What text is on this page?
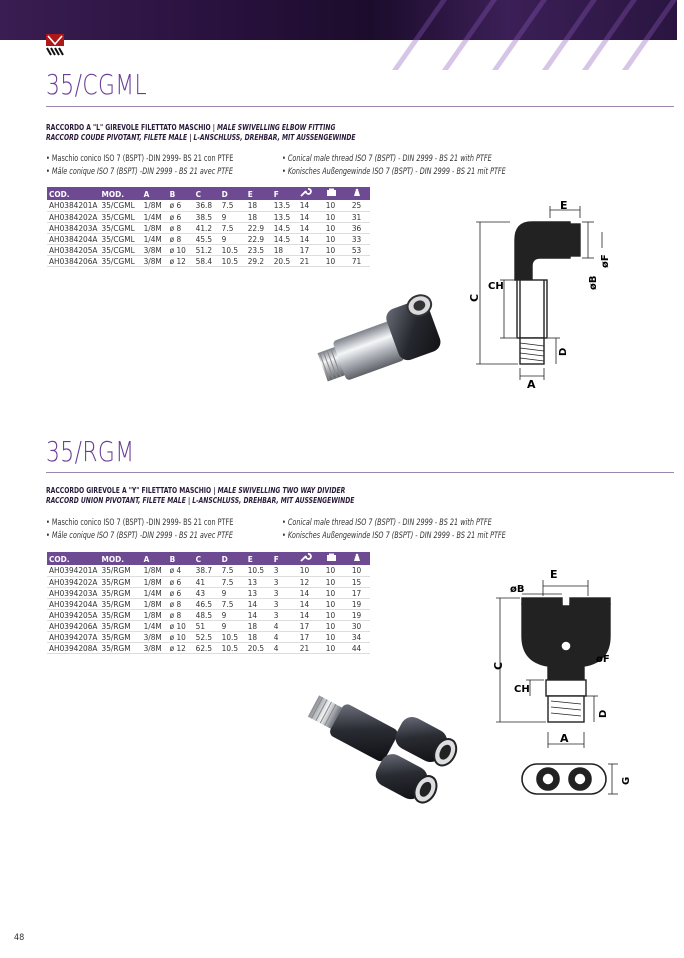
35/CGML
RACCORDO A "L" GIREVOLE FILETTATO MASCHIO | MALE SWIVELLING ELBOW FITTING
RACCORD COUDE PIVOTANT, FILETE MALE | L-ANSCHLUSS, DREHBAR, MIT AUSSENGEWINDE
• Maschio conico ISO 7 (BSPT) -DIN 2999- BS 21 con PTFE
• Mâle conique ISO 7 (BSPT) -DIN 2999 - BS 21 avec PTFE
• Conical male thread ISO 7 (BSPT) - DIN 2999 - BS 21 with PTFE
• Konisches Außengewinde ISO 7 (BSPT) - DIN 2999 - BS 21 mit PTFE
COD.	MOD.	A	B	C	D	E	F			
AH0384201A	35/CGML	1/8M	ø 6	36.8	7.5	18	13.5	14	10	25
AH0384202A	35/CGML	1/4M	ø 6	38.5	9	18	13.5	14	10	31
AH0384203A	35/CGML	1/8M	ø 8	41.2	7.5	22.9	14.5	14	10	36
AH0384204A	35/CGML	1/4M	ø 8	45.5	9	22.9	14.5	14	10	33
AH0384205A	35/CGML	3/8M	ø 10	51.2	10.5	23.5	18	17	10	53
AH0384206A	35/CGML	3/8M	ø 12	58.4	10.5	29.2	20.5	21	10	71
E
øF
øB
CH
C
D
A
35/RGM
RACCORDO GIREVOLE A "Y" FILETTATO MASCHIO | MALE SWIVELLING TWO WAY DIVIDER
RACCORD UNION PIVOTANT, FILETE MALE | L-ANSCHLUSS, DREHBAR, MIT AUSSENGEWINDE
• Maschio conico ISO 7 (BSPT) -DIN 2999- BS 21 con PTFE
• Mâle conique ISO 7 (BSPT) -DIN 2999 - BS 21 avec PTFE
• Conical male thread ISO 7 (BSPT) - DIN 2999 - BS 21 with PTFE
• Konisches Außengewinde ISO 7 (BSPT) - DIN 2999 - BS 21 mit PTFE
COD.	MOD.	A	B	C	D	E	F			
AH0394201A	35/RGM	1/8M	ø 4	38.7	7.5	10.5	3	10	10	10
AH0394202A	35/RGM	1/8M	ø 6	41	7.5	13	3	12	10	15
AH0394203A	35/RGM	1/4M	ø 6	43	9	13	3	14	10	17
AH0394204A	35/RGM	1/8M	ø 8	46.5	7.5	14	3	14	10	19
AH0394205A	35/RGM	1/8M	ø 8	48.5	9	14	3	14	10	19
AH0394206A	35/RGM	1/4M	ø 10	51	9	18	4	17	10	30
AH0394207A	35/RGM	3/8M	ø 10	52.5	10.5	18	4	17	10	34
AH0394208A	35/RGM	3/8M	ø 12	62.5	10.5	20.5	4	21	10	44
E
øB
øF
CH
C
D
A
G
48
